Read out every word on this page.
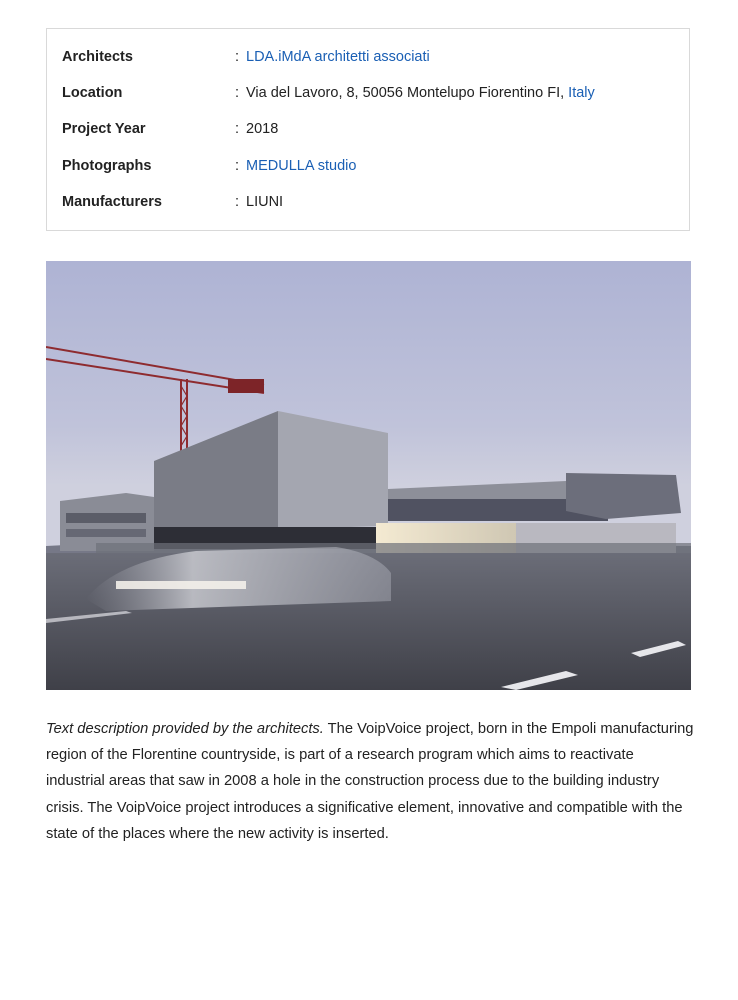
Architects	: LDA.iMdA architetti associati
Location	: Via del Lavoro, 8, 50056 Montelupo Fiorentino FI, Italy
Project Year	: 2018
Photographs	: MEDULLA studio
Manufacturers	: LIUNI

Text description provided by the architects. The VoipVoice project, born in the Empoli manufacturing region of the Florentine countryside, is part of a research program which aims to reactivate industrial areas that saw in 2008 a hole in the construction process due to the building industry crisis. The VoipVoice project introduces a significative element, innovative and compatible with the state of the places where the new activity is inserted.
